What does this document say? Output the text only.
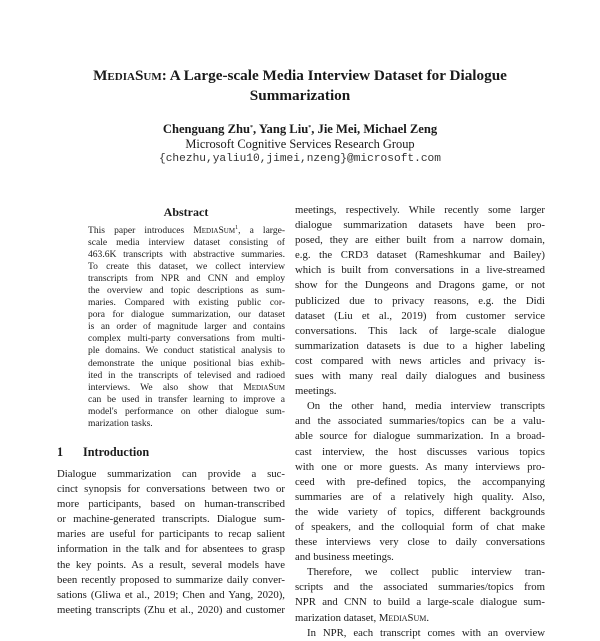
MediaSum: A Large-scale Media Interview Dataset for Dialogue
Summarization
Chenguang Zhu*, Yang Liu*, Jie Mei, Michael Zeng
Microsoft Cognitive Services Research Group
{chezhu,yaliu10,jimei,nzeng}@microsoft.com
Abstract
This paper introduces MediaSum$^1$, a large-
scale media interview dataset consisting of
463.6K transcripts with abstractive summaries.
To create this dataset, we collect interview
transcripts from NPR and CNN and employ
the overview and topic descriptions as sum-
maries. Compared with existing public cor-
pora for dialogue summarization, our dataset
is an order of magnitude larger and contains
complex multi-party conversations from multi-
ple domains. We conduct statistical analysis to
demonstrate the unique positional bias exhib-
ited in the transcripts of televised and radioed
interviews. We also show that MediaSum
can be used in transfer learning to improve a
model's performance on other dialogue sum-
marization tasks.
1 Introduction
Dialogue summarization can provide a suc-
cinct synopsis for conversations between two or
more participants, based on human-transcribed
or machine-generated transcripts. Dialogue sum-
maries are useful for participants to recap salient
information in the talk and for absentees to grasp
the key points. As a result, several models have
been recently proposed to summarize daily conver-
sations (Gliwa et al., 2019; Chen and Yang, 2020),
meeting transcripts (Zhu et al., 2020) and customer
meetings, respectively. While recently some larger
dialogue summarization datasets have been pro-
posed, they are either built from a narrow domain,
e.g. the CRD3 dataset (Rameshkumar and Bailey)
which is built from conversations in a live-streamed
show for the Dungeons and Dragons game, or not
publicized due to privacy reasons, e.g. the Didi
dataset (Liu et al., 2019) from customer service
conversations. This lack of large-scale dialogue
summarization datasets is due to a higher labeling
cost compared with news articles and privacy is-
sues with many real daily dialogues and business
meetings.
On the other hand, media interview transcripts
and the associated summaries/topics can be a valu-
able source for dialogue summarization. In a broad-
cast interview, the host discusses various topics
with one or more guests. As many interviews pro-
ceed with pre-defined topics, the accompanying
summaries are of a relatively high quality. Also,
the wide variety of topics, different backgrounds
of speakers, and the colloquial form of chat make
these interviews very close to daily conversations
and business meetings.
Therefore, we collect public interview tran-
scripts and the associated summaries/topics from
NPR and CNN to build a large-scale dialogue sum-
marization dataset, MediaSum.
In NPR, each transcript comes with an overview
